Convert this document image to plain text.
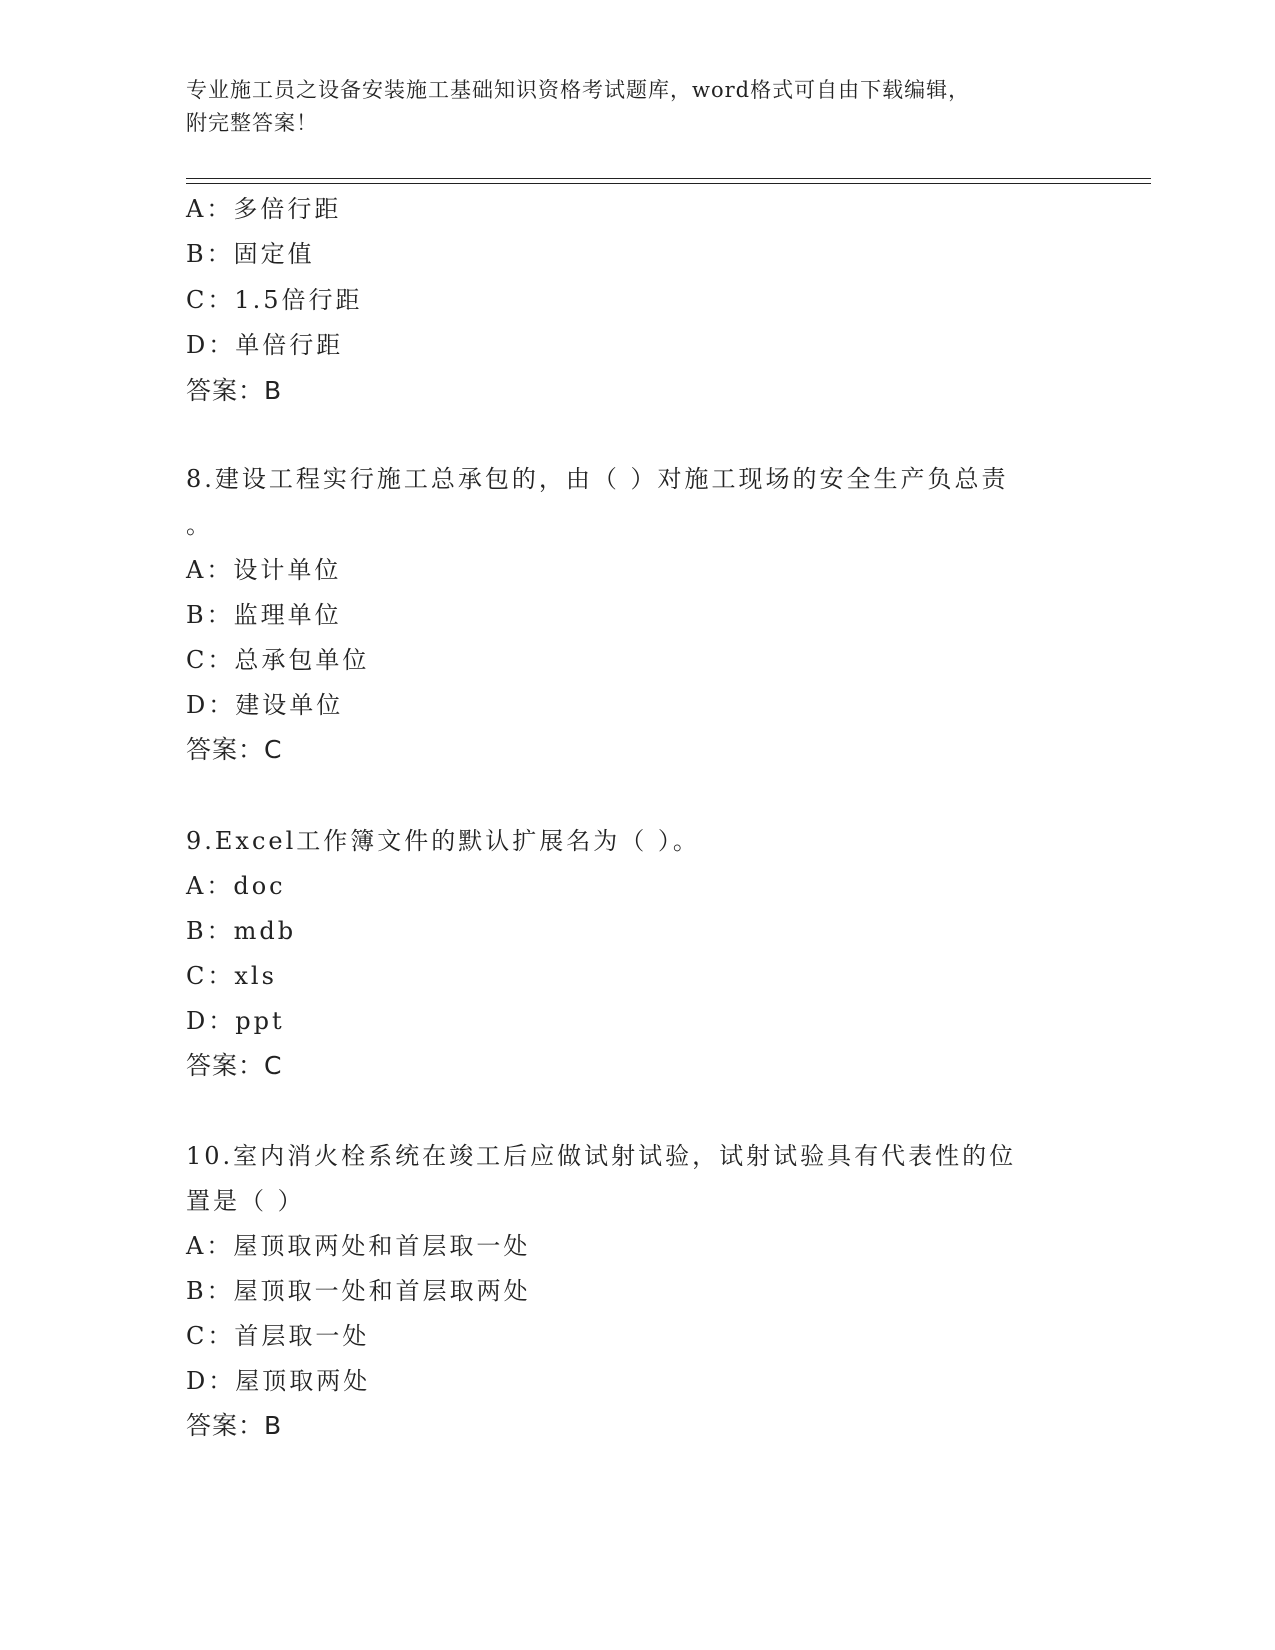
专业施工员之设备安装施工基础知识资格考试题库，word格式可自由下载编辑，
附完整答案！
A：多倍行距
B：固定值
C：1.5倍行距
D：单倍行距
答案：B
8.建设工程实行施工总承包的，由（ ）对施工现场的安全生产负总责
。
A：设计单位
B：监理单位
C：总承包单位
D：建设单位
答案：C
9.Excel工作簿文件的默认扩展名为（ ）。
A：doc
B：mdb
C：xls
D：ppt
答案：C
10.室内消火栓系统在竣工后应做试射试验，试射试验具有代表性的位
置是（ ）
A：屋顶取两处和首层取一处
B：屋顶取一处和首层取两处
C：首层取一处
D：屋顶取两处
答案：B
